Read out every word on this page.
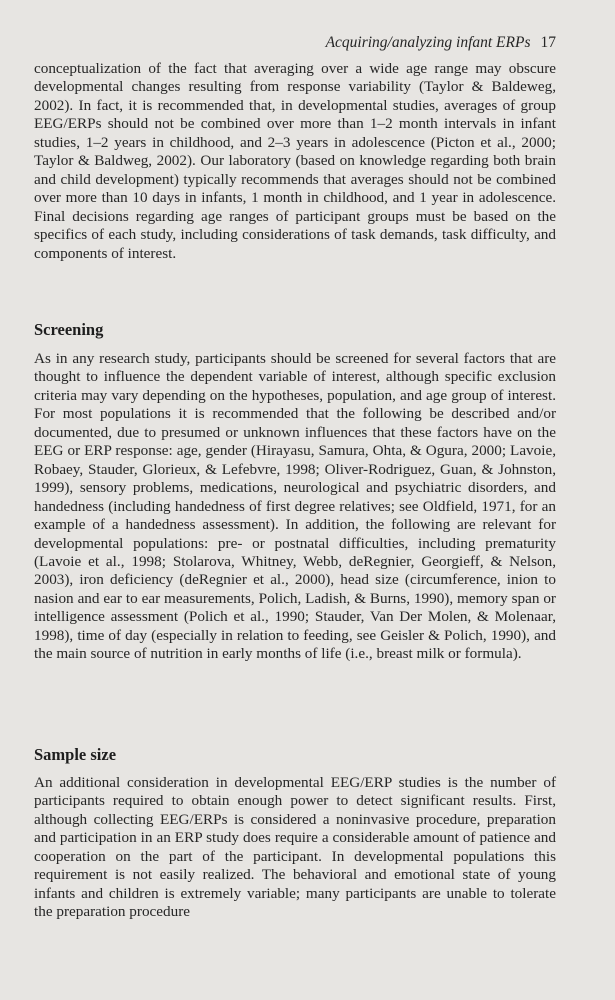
Acquiring/analyzing infant ERPs 17

conceptualization of the fact that averaging over a wide age range may obscure developmental changes resulting from response variability (Taylor & Baldeweg, 2002). In fact, it is recommended that, in developmental studies, averages of group EEG/ERPs should not be combined over more than 1–2 month intervals in infant studies, 1–2 years in childhood, and 2–3 years in adolescence (Picton et al., 2000; Taylor & Baldweg, 2002). Our laboratory (based on knowledge regarding both brain and child development) typically recommends that averages should not be combined over more than 10 days in infants, 1 month in childhood, and 1 year in adolescence. Final decisions regarding age ranges of participant groups must be based on the specifics of each study, including considerations of task demands, task difficulty, and components of interest.

Screening

As in any research study, participants should be screened for several factors that are thought to influence the dependent variable of interest, although specific exclusion criteria may vary depending on the hypotheses, population, and age group of interest. For most populations it is recommended that the following be described and/or documented, due to presumed or unknown influences that these factors have on the EEG or ERP response: age, gender (Hirayasu, Samura, Ohta, & Ogura, 2000; Lavoie, Robaey, Stauder, Glorieux, & Lefebvre, 1998; Oliver-Rodriguez, Guan, & Johnston, 1999), sensory problems, medications, neurological and psychiatric disorders, and handedness (including handedness of first degree relatives; see Oldfield, 1971, for an example of a handedness assessment). In addition, the following are relevant for developmental populations: pre- or postnatal difficulties, including prematurity (Lavoie et al., 1998; Stolarova, Whitney, Webb, deRegnier, Georgieff, & Nelson, 2003), iron deficiency (deRegnier et al., 2000), head size (circumference, inion to nasion and ear to ear measurements, Polich, Ladish, & Burns, 1990), memory span or intelligence assessment (Polich et al., 1990; Stauder, Van Der Molen, & Molenaar, 1998), time of day (especially in relation to feeding, see Geisler & Polich, 1990), and the main source of nutrition in early months of life (i.e., breast milk or formula).

Sample size

An additional consideration in developmental EEG/ERP studies is the number of participants required to obtain enough power to detect significant results. First, although collecting EEG/ERPs is considered a noninvasive procedure, preparation and participation in an ERP study does require a considerable amount of patience and cooperation on the part of the participant. In developmental populations this requirement is not easily realized. The behavioral and emotional state of young infants and children is extremely variable; many participants are unable to tolerate the preparation procedure
